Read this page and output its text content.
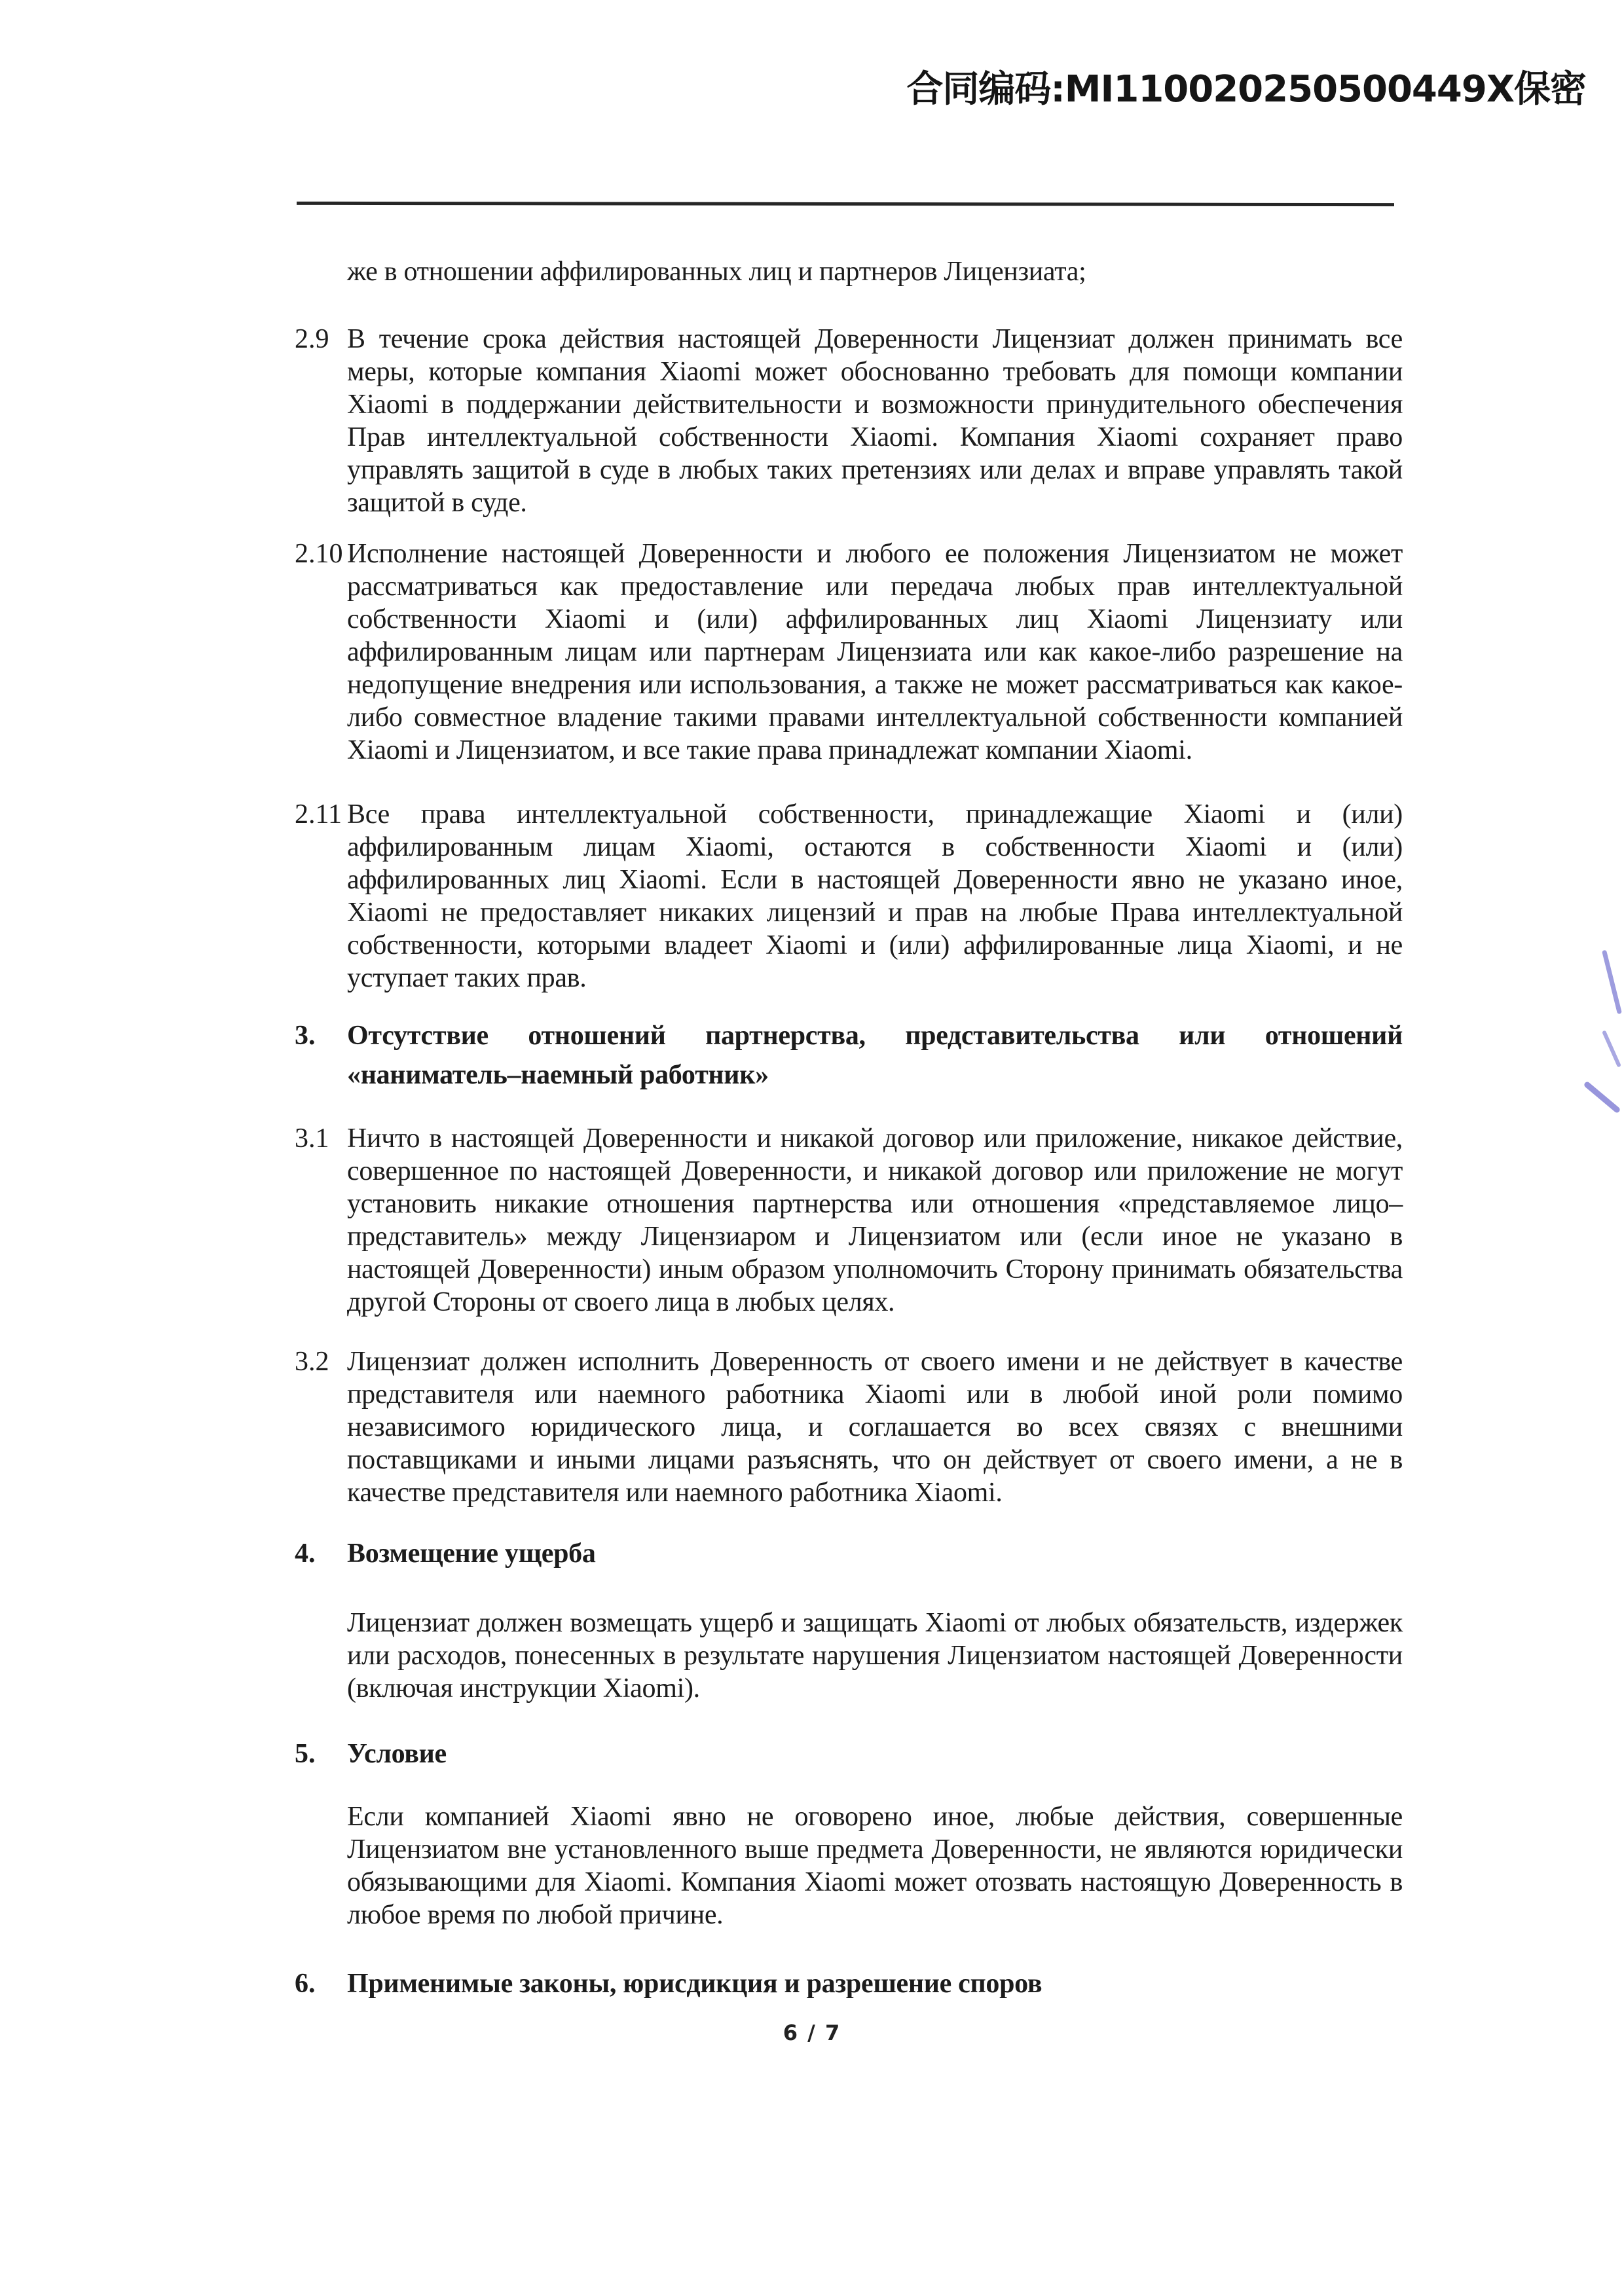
合同编码:MI110020250500449X保密
же в отношении аффилированных лиц и партнеров Лицензиата;
2.9 В течение срока действия настоящей Доверенности Лицензиат должен принимать все меры, которые компания Xiaomi может обоснованно требовать для помощи компании Xiaomi в поддержании действительности и возможности принудительного обеспечения Прав интеллектуальной собственности Xiaomi. Компания Xiaomi сохраняет право управлять защитой в суде в любых таких претензиях или делах и вправе управлять такой защитой в суде.
2.10 Исполнение настоящей Доверенности и любого ее положения Лицензиатом не может рассматриваться как предоставление или передача любых прав интеллектуальной собственности Xiaomi и (или) аффилированных лиц Xiaomi Лицензиату или аффилированным лицам или партнерам Лицензиата или как какое-либо разрешение на недопущение внедрения или использования, а также не может рассматриваться как какое-либо совместное владение такими правами интеллектуальной собственности компанией Xiaomi и Лицензиатом, и все такие права принадлежат компании Xiaomi.
2.11 Все права интеллектуальной собственности, принадлежащие Xiaomi и (или) аффилированным лицам Xiaomi, остаются в собственности Xiaomi и (или) аффилированных лиц Xiaomi. Если в настоящей Доверенности явно не указано иное, Xiaomi не предоставляет никаких лицензий и прав на любые Права интеллектуальной собственности, которыми владеет Xiaomi и (или) аффилированные лица Xiaomi, и не уступает таких прав.
3. Отсутствие отношений партнерства, представительства или отношений «наниматель–наемный работник»
3.1 Ничто в настоящей Доверенности и никакой договор или приложение, никакое действие, совершенное по настоящей Доверенности, и никакой договор или приложение не могут установить никакие отношения партнерства или отношения «представляемое лицо–представитель» между Лицензиаром и Лицензиатом или (если иное не указано в настоящей Доверенности) иным образом уполномочить Сторону принимать обязательства другой Стороны от своего лица в любых целях.
3.2 Лицензиат должен исполнить Доверенность от своего имени и не действует в качестве представителя или наемного работника Xiaomi или в любой иной роли помимо независимого юридического лица, и соглашается во всех связях с внешними поставщиками и иными лицами разъяснять, что он действует от своего имени, а не в качестве представителя или наемного работника Xiaomi.
4. Возмещение ущерба
Лицензиат должен возмещать ущерб и защищать Xiaomi от любых обязательств, издержек или расходов, понесенных в результате нарушения Лицензиатом настоящей Доверенности (включая инструкции Xiaomi).
5. Условие
Если компанией Xiaomi явно не оговорено иное, любые действия, совершенные Лицензиатом вне установленного выше предмета Доверенности, не являются юридически обязывающими для Xiaomi. Компания Xiaomi может отозвать настоящую Доверенность в любое время по любой причине.
6. Применимые законы, юрисдикция и разрешение споров
6 / 7
